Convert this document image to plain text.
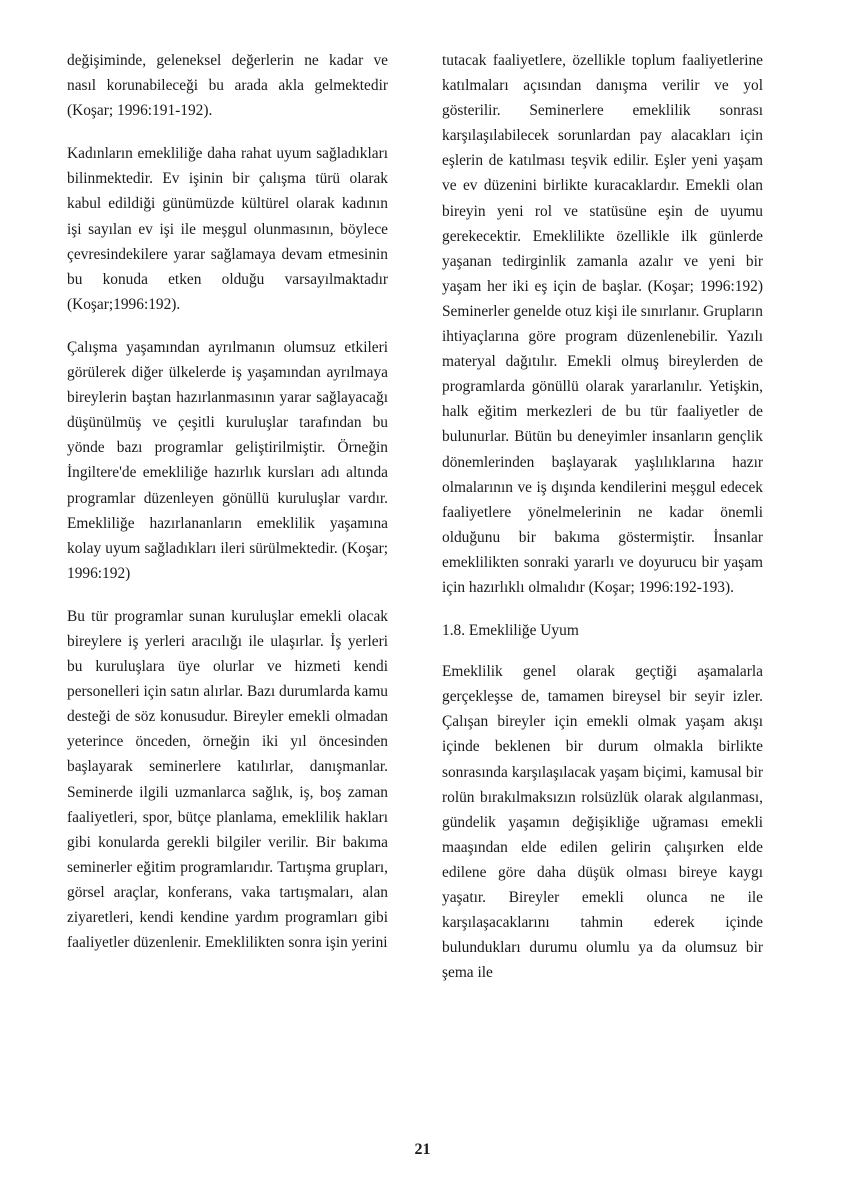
değişiminde, geleneksel değerlerin ne kadar ve nasıl korunabileceği bu arada akla gelmektedir (Koşar; 1996:191-192).

Kadınların emekliliğe daha rahat uyum sağladıkları bilinmektedir. Ev işinin bir çalışma türü olarak kabul edildiği günümüzde kültürel olarak kadının işi sayılan ev işi ile meşgul olunmasının, böylece çevresindekilere yarar sağlamaya devam etmesinin bu konuda etken olduğu varsayılmaktadır (Koşar;1996:192).

Çalışma yaşamından ayrılmanın olumsuz etkileri görülerek diğer ülkelerde iş yaşamından ayrılmaya bireylerin baştan hazırlanmasının yarar sağlayacağı düşünülmüş ve çeşitli kuruluşlar tarafından bu yönde bazı programlar geliştirilmiştir. Örneğin İngiltere'de emekliliğe hazırlık kursları adı altında programlar düzenleyen gönüllü kuruluşlar vardır. Emekliliğe hazırlananların emeklilik yaşamına kolay uyum sağladıkları ileri sürülmektedir. (Koşar; 1996:192)

Bu tür programlar sunan kuruluşlar emekli olacak bireylere iş yerleri aracılığı ile ulaşırlar. İş yerleri bu kuruluşlara üye olurlar ve hizmeti kendi personelleri için satın alırlar. Bazı durumlarda kamu desteği de söz konusudur. Bireyler emekli olmadan yeterince önceden, örneğin iki yıl öncesinden başlayarak seminerlere katılırlar, danışmanlar. Seminerde ilgili uzmanlarca sağlık, iş, boş zaman faaliyetleri, spor, bütçe planlama, emeklilik hakları gibi konularda gerekli bilgiler verilir. Bir bakıma seminerler eğitim programlarıdır. Tartışma grupları, görsel araçlar, konferans, vaka tartışmaları, alan ziyaretleri, kendi kendine yardım programları gibi faaliyetler düzenlenir. Emeklilikten sonra işin yerini

tutacak faaliyetlere, özellikle toplum faaliyetlerine katılmaları açısından danışma verilir ve yol gösterilir. Seminerlere emeklilik sonrası karşılaşılabilecek sorunlardan pay alacakları için eşlerin de katılması teşvik edilir. Eşler yeni yaşam ve ev düzenini birlikte kuracaklardır. Emekli olan bireyin yeni rol ve statüsüne eşin de uyumu gerekecektir. Emeklilikte özellikle ilk günlerde yaşanan tedirginlik zamanla azalır ve yeni bir yaşam her iki eş için de başlar. (Koşar; 1996:192) Seminerler genelde otuz kişi ile sınırlanır. Grupların ihtiyaçlarına göre program düzenlenebilir. Yazılı materyal dağıtılır. Emekli olmuş bireylerden de programlarda gönüllü olarak yararlanılır. Yetişkin, halk eğitim merkezleri de bu tür faaliyetler de bulunurlar. Bütün bu deneyimler insanların gençlik dönemlerinden başlayarak yaşlılıklarına hazır olmalarının ve iş dışında kendilerini meşgul edecek faaliyetlere yönelmelerinin ne kadar önemli olduğunu bir bakıma göstermiştir. İnsanlar emeklilikten sonraki yararlı ve doyurucu bir yaşam için hazırlıklı olmalıdır (Koşar; 1996:192-193).

1.8. Emekliliğe Uyum

Emeklilik genel olarak geçtiği aşamalarla gerçekleşse de, tamamen bireysel bir seyir izler. Çalışan bireyler için emekli olmak yaşam akışı içinde beklenen bir durum olmakla birlikte sonrasında karşılaşılacak yaşam biçimi, kamusal bir rolün bırakılmaksızın rolsüzlük olarak algılanması, gündelik yaşamın değişikliğe uğraması emekli maaşından elde edilen gelirin çalışırken elde edilene göre daha düşük olması bireye kaygı yaşatır. Bireyler emekli olunca ne ile karşılaşacaklarını tahmin ederek içinde bulundukları durumu olumlu ya da olumsuz bir şema ile

21
